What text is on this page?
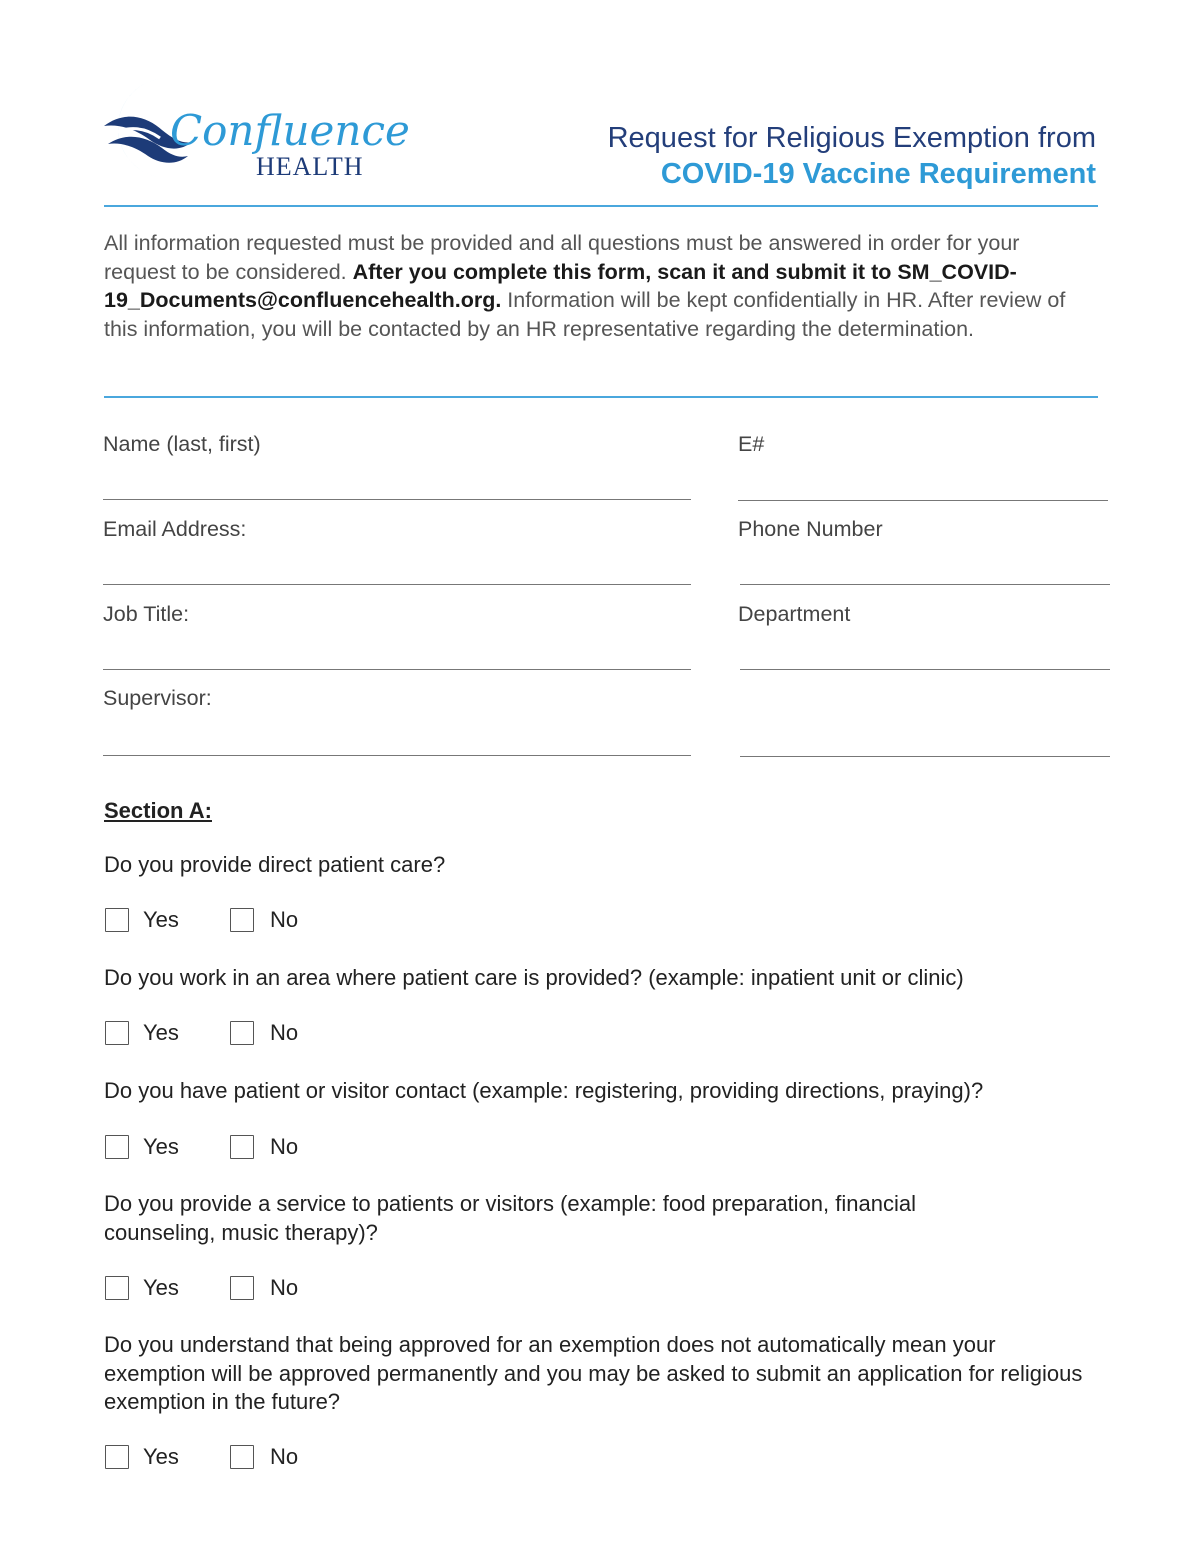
Confluence
HEALTH
Request for Religious Exemption from
COVID-19 Vaccine Requirement
All information requested must be provided and all questions must be answered in order for your request to be considered. After you complete this form, scan it and submit it to SM_COVID-19_Documents@confluencehealth.org. Information will be kept confidentially in HR. After review of this information, you will be contacted by an HR representative regarding the determination.
Name (last, first)	E#
Email Address:	Phone Number
Job Title:	Department
Supervisor:
Section A:
Do you provide direct patient care?
Yes	No
Do you work in an area where patient care is provided? (example: inpatient unit or clinic)
Yes	No
Do you have patient or visitor contact (example: registering, providing directions, praying)?
Yes	No
Do you provide a service to patients or visitors (example: food preparation, financial counseling, music therapy)?
Yes	No
Do you understand that being approved for an exemption does not automatically mean your exemption will be approved permanently and you may be asked to submit an application for religious exemption in the future?
Yes	No
